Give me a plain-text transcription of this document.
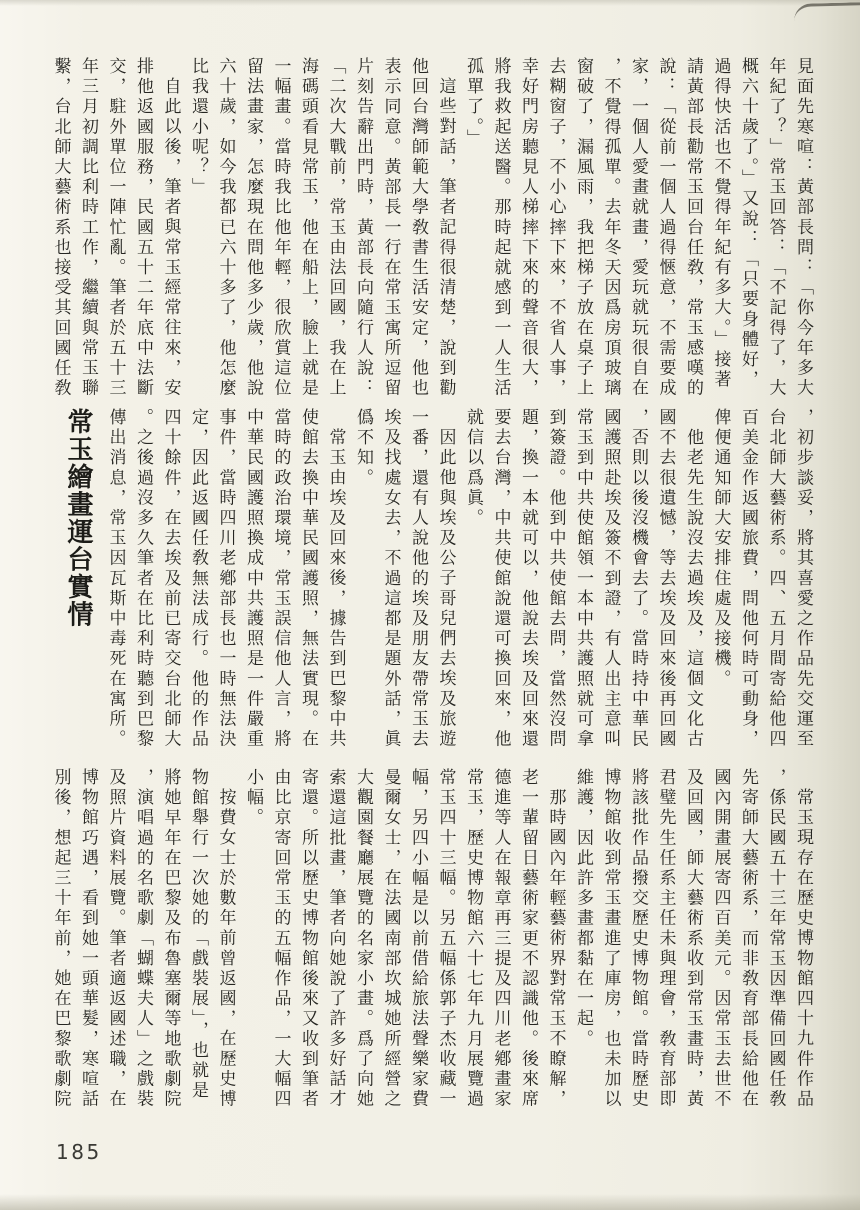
見面先寒喧：黃部長問：「你今年多大
年紀了？」常玉回答：「不記得了，大
概六十歲了。」又說：「只要身體好，
過得快活也不覺得年紀有多大。」接著
請黃部長勸常玉回台任敎，常玉感嘆的
說：「從前一個人過得愜意，不需要成
家，一個人愛畫就畫，愛玩就玩很自在
，不覺得孤單。去年冬天因爲房頂玻璃
窗破了，漏風雨，我把梯子放在桌子上
去糊窗子，不小心摔下來，不省人事，
幸好門房聽見人梯摔下來的聲音很大，
將我救起送醫。那時起就感到一人生活
孤單了。」
這些對話，筆者記得很清楚，說到勸
他回台灣師範大學敎書生活安定，他也
表示同意。黃部長一行在常玉寓所逗留
片刻告辭出門時，黃部長向隨行人說：
「二次大戰前，常玉由法回國，我在上
海碼頭看見常玉，他在船上，臉上就是
一幅畫。當時我比他年輕，很欣賞這位
留法畫家，怎麼現在問他多少歲，他說
六十歲，如今我都已六十多了，他怎麼
比我還小呢？」
自此以後，筆者與常玉經常往來，安
排他返國服務，民國五十二年底中法斷
交，駐外單位一陣忙亂。筆者於五十三
年三月初調比利時工作，繼續與常玉聯
繫，台北師大藝術系也接受其回國任敎
，初步談妥，將其喜愛之作品先交運至
台北師大藝術系。四、五月間寄給他四
百美金作返國旅費，問他何時可動身，
俾便通知師大安排住處及接機。
他老先生說沒去過埃及，這個文化古
國不去很遺憾，等去埃及回來後再回國
，否則以後沒機會去了。當時持中華民
國護照赴埃及簽不到證，有人出主意叫
常玉到中共使館領一本中共護照就可拿
到簽證。他到中共使館去問，當然沒問
題，換一本就可以，他說去埃及回來還
要去台灣，中共使館說還可換回來，他
就信以爲眞。
因此他與埃及公子哥兒們去埃及旅遊
一番，還有人說他的埃及朋友帶常玉去
埃及找處女去，不過這都是題外話，眞
僞不知。
常玉由埃及回來後，據告到巴黎中共
使館去換中華民國護照，無法實現。在
當時的政治環境，常玉誤信他人言，將
中華民國護照換成中共護照是一件嚴重
事件，當時四川老鄕部長也一時無法決
定，因此返國任敎無法成行。他的作品
四十餘件，在去埃及前已寄交台北師大
。之後過沒多久筆者在比利時聽到巴黎
傳出消息，常玉因瓦斯中毒死在寓所。
常玉繪畫運台實情
常玉現存在歷史博物館四十九件作品
，係民國五十三年常玉因準備回國任敎
先寄師大藝術系，而非敎育部長給他在
國內開畫展寄四百美元。因常玉去世不
及回國，師大藝術系收到常玉畫時，黃
君璧先生任系主任未與理會，敎育部即
將該批作品撥交歷史博物館。當時歷史
博物館收到常玉畫進了庫房，也未加以
維護，因此許多畫都黏在一起。
那時國內年輕藝術界對常玉不瞭解，
老一輩留日藝術家更不認識他。後來席
德進等人在報章再三提及四川老鄕畫家
常玉，歷史博物館六十七年九月展覽過
常玉四十三幅。另五幅係郭子杰收藏一
幅，另四小幅是以前借給旅法聲樂家費
曼爾女士，在法國南部坎城她所經營之
大觀園餐廳展覽的名家小畫。爲了向她
索還這批畫，筆者向她說了許多好話才
寄還。所以歷史博物館後來又收到筆者
由比京寄回常玉的五幅作品，一大幅四
小幅。
按費女士於數年前曾返國，在歷史博
物館舉行一次她的「戲裝展」，也就是
將她早年在巴黎及布魯塞爾等地歌劇院
，演唱過的名歌劇「蝴蝶夫人」之戲裝
及照片資料展覽。筆者適返國述職，在
博物館巧遇，看到她一頭華髮，寒喧話
別後，想起三十年前，她在巴黎歌劇院
185
